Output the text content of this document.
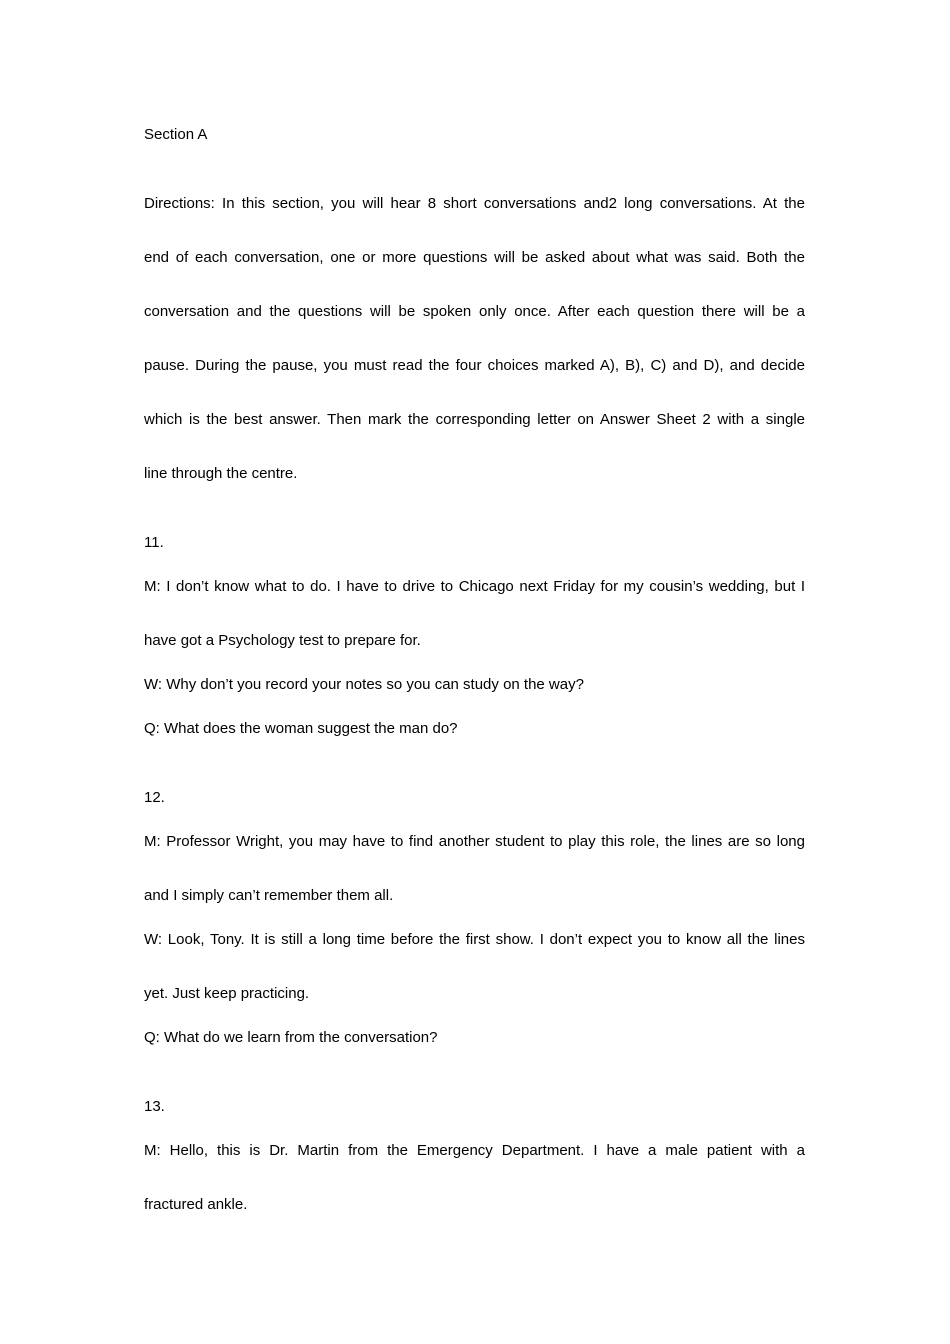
Section A
Directions: In this section, you will hear 8 short conversations and2 long conversations. At the
end of each conversation, one or more questions will be asked about what was said. Both the
conversation and the questions will be spoken only once. After each question there will be a
pause. During the pause, you must read the four choices marked A), B), C) and D), and decide
which is the best answer. Then mark the corresponding letter on Answer Sheet 2 with a single
line through the centre.
11.
M: I don’t know what to do. I have to drive to Chicago next Friday for my cousin’s wedding, but I
have got a Psychology test to prepare for.
W: Why don’t you record your notes so you can study on the way?
Q: What does the woman suggest the man do?
12.
M: Professor Wright, you may have to find another student to play this role, the lines are so long
and I simply can’t remember them all.
W: Look, Tony. It is still a long time before the first show. I don’t expect you to know all the lines
yet. Just keep practicing.
Q: What do we learn from the conversation?
13.
M: Hello, this is Dr. Martin from the Emergency Department. I have a male patient with a
fractured ankle.
